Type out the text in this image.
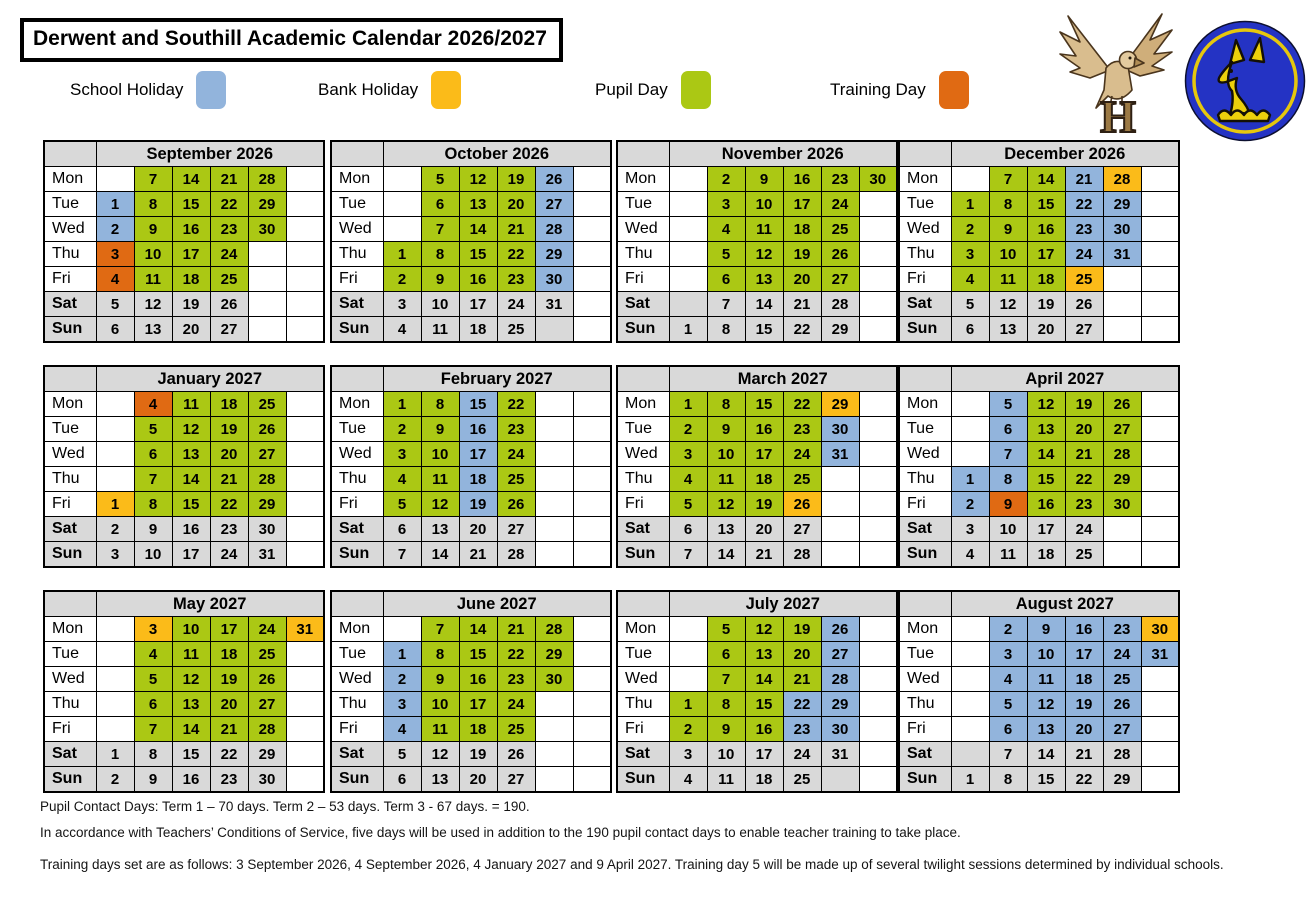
Derwent and Southill Academic Calendar 2026/2027
School Holiday	Bank Holiday	Pupil Day	Training Day
	September 2026					
Mon		7	14	21	28	
Tue	1	8	15	22	29	
Wed	2	9	16	23	30	
Thu	3	10	17	24		
Fri	4	11	18	25		
Sat	5	12	19	26		
Sun	6	13	20	27		
	October 2026					
Mon		5	12	19	26	
Tue		6	13	20	27	
Wed		7	14	21	28	
Thu	1	8	15	22	29	
Fri	2	9	16	23	30	
Sat	3	10	17	24	31	
Sun	4	11	18	25		
	November 2026					
Mon		2	9	16	23	30
Tue		3	10	17	24	
Wed		4	11	18	25	
Thu		5	12	19	26	
Fri		6	13	20	27	
Sat		7	14	21	28	
Sun	1	8	15	22	29	
	December 2026					
Mon		7	14	21	28	
Tue	1	8	15	22	29	
Wed	2	9	16	23	30	
Thu	3	10	17	24	31	
Fri	4	11	18	25		
Sat	5	12	19	26		
Sun	6	13	20	27		
	January 2027					
Mon		4	11	18	25	
Tue		5	12	19	26	
Wed		6	13	20	27	
Thu		7	14	21	28	
Fri	1	8	15	22	29	
Sat	2	9	16	23	30	
Sun	3	10	17	24	31	
	February 2027					
Mon	1	8	15	22		
Tue	2	9	16	23		
Wed	3	10	17	24		
Thu	4	11	18	25		
Fri	5	12	19	26		
Sat	6	13	20	27		
Sun	7	14	21	28		
	March 2027					
Mon	1	8	15	22	29	
Tue	2	9	16	23	30	
Wed	3	10	17	24	31	
Thu	4	11	18	25		
Fri	5	12	19	26		
Sat	6	13	20	27		
Sun	7	14	21	28		
	April 2027					
Mon		5	12	19	26	
Tue		6	13	20	27	
Wed		7	14	21	28	
Thu	1	8	15	22	29	
Fri	2	9	16	23	30	
Sat	3	10	17	24		
Sun	4	11	18	25		
	May 2027					
Mon		3	10	17	24	31
Tue		4	11	18	25	
Wed		5	12	19	26	
Thu		6	13	20	27	
Fri		7	14	21	28	
Sat	1	8	15	22	29	
Sun	2	9	16	23	30	
	June 2027					
Mon		7	14	21	28	
Tue	1	8	15	22	29	
Wed	2	9	16	23	30	
Thu	3	10	17	24		
Fri	4	11	18	25		
Sat	5	12	19	26		
Sun	6	13	20	27		
	July 2027					
Mon		5	12	19	26	
Tue		6	13	20	27	
Wed		7	14	21	28	
Thu	1	8	15	22	29	
Fri	2	9	16	23	30	
Sat	3	10	17	24	31	
Sun	4	11	18	25		
	August 2027					
Mon		2	9	16	23	30
Tue		3	10	17	24	31
Wed		4	11	18	25	
Thu		5	12	19	26	
Fri		6	13	20	27	
Sat		7	14	21	28	
Sun	1	8	15	22	29	
H
Pupil Contact Days: Term 1 – 70 days. Term 2 – 53 days. Term 3 - 67 days. = 190.
In accordance with Teachers’ Conditions of Service, five days will be used in addition to the 190 pupil contact days to enable teacher training to take place.
Training days set are as follows: 3 September 2026, 4 September 2026, 4 January 2027 and 9 April 2027. Training day 5 will be made up of several twilight sessions determined by individual schools.
